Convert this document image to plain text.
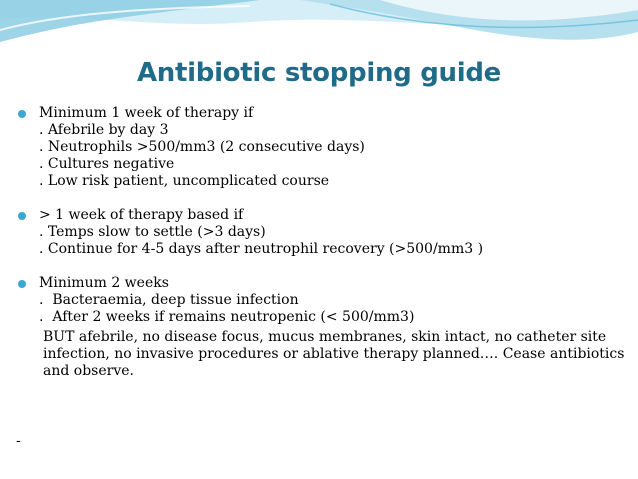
Antibiotic stopping guide
Minimum 1 week of therapy if
. Afebrile by day 3
. Neutrophils >500/mm3 (2 consecutive days)
. Cultures negative
. Low risk patient, uncomplicated course
> 1 week of therapy based if
. Temps slow to settle (>3 days)
. Continue for 4-5 days after neutrophil recovery (>500/mm3 )
Minimum 2 weeks
.  Bacteraemia, deep tissue infection
.  After 2 weeks if remains neutropenic (< 500/mm3)
BUT afebrile, no disease focus, mucus membranes, skin intact, no catheter site infection, no invasive procedures or ablative therapy planned…. Cease antibiotics and observe.
-
